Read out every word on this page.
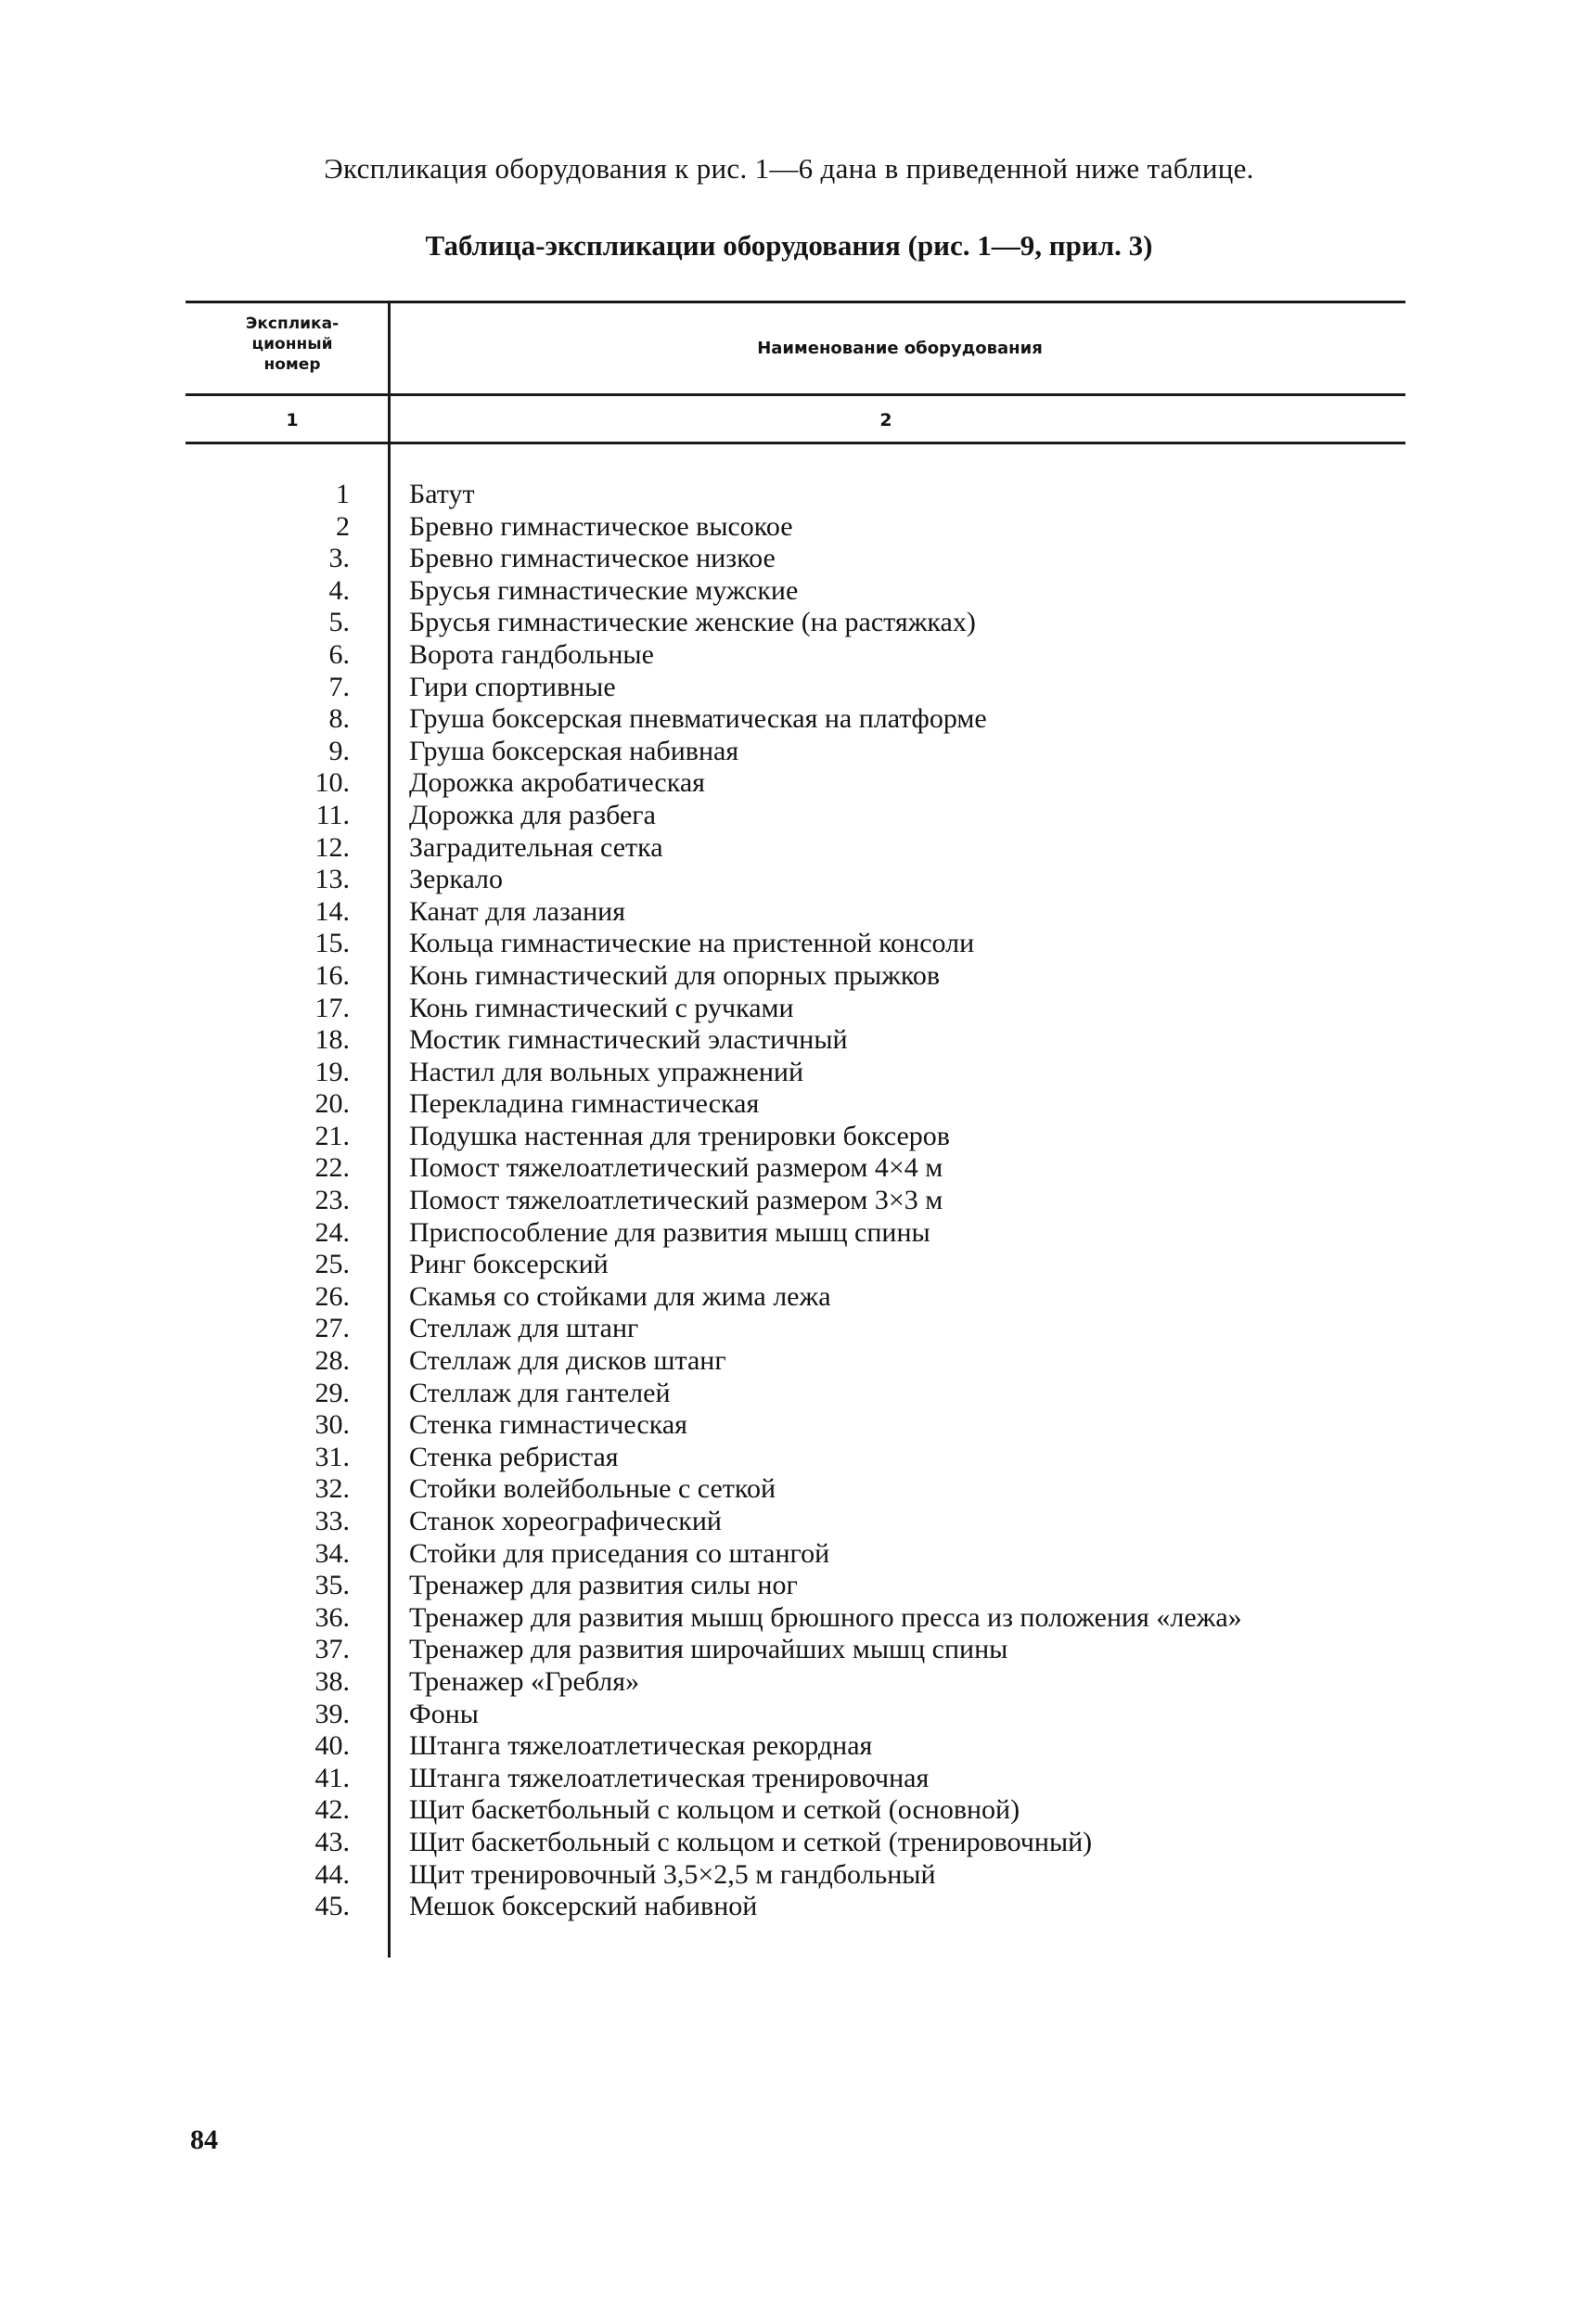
Экспликация оборудования к рис. 1—6 дана в приведенной ниже таблице.
Таблица-экспликации оборудования (рис. 1—9, прил. 3)
Эксплика-
ционный
номер
Наименование оборудования
1	2
1 Батут
2 Бревно гимнастическое высокое
3. Бревно гимнастическое низкое
4. Брусья гимнастические мужские
5. Брусья гимнастические женские (на растяжках)
6. Ворота гандбольные
7. Гири спортивные
8. Груша боксерская пневматическая на платформе
9. Груша боксерская набивная
10. Дорожка акробатическая
11. Дорожка для разбега
12. Заградительная сетка
13. Зеркало
14. Канат для лазания
15. Кольца гимнастические на пристенной консоли
16. Конь гимнастический для опорных прыжков
17. Конь гимнастический с ручками
18. Мостик гимнастический эластичный
19. Настил для вольных упражнений
20. Перекладина гимнастическая
21. Подушка настенная для тренировки боксеров
22. Помост тяжелоатлетический размером 4×4 м
23. Помост тяжелоатлетический размером 3×3 м
24. Приспособление для развития мышц спины
25. Ринг боксерский
26. Скамья со стойками для жима лежа
27. Стеллаж для штанг
28. Стеллаж для дисков штанг
29. Стеллаж для гантелей
30. Стенка гимнастическая
31. Стенка ребристая
32. Стойки волейбольные с сеткой
33. Станок хореографический
34. Стойки для приседания со штангой
35. Тренажер для развития силы ног
36. Тренажер для развития мышц брюшного пресса из положения «лежа»
37. Тренажер для развития широчайших мышц спины
38. Тренажер «Гребля»
39. Фоны
40. Штанга тяжелоатлетическая рекордная
41. Штанга тяжелоатлетическая тренировочная
42. Щит баскетбольный с кольцом и сеткой (основной)
43. Щит баскетбольный с кольцом и сеткой (тренировочный)
44. Щит тренировочный 3,5×2,5 м гандбольный
45. Мешок боксерский набивной
84
